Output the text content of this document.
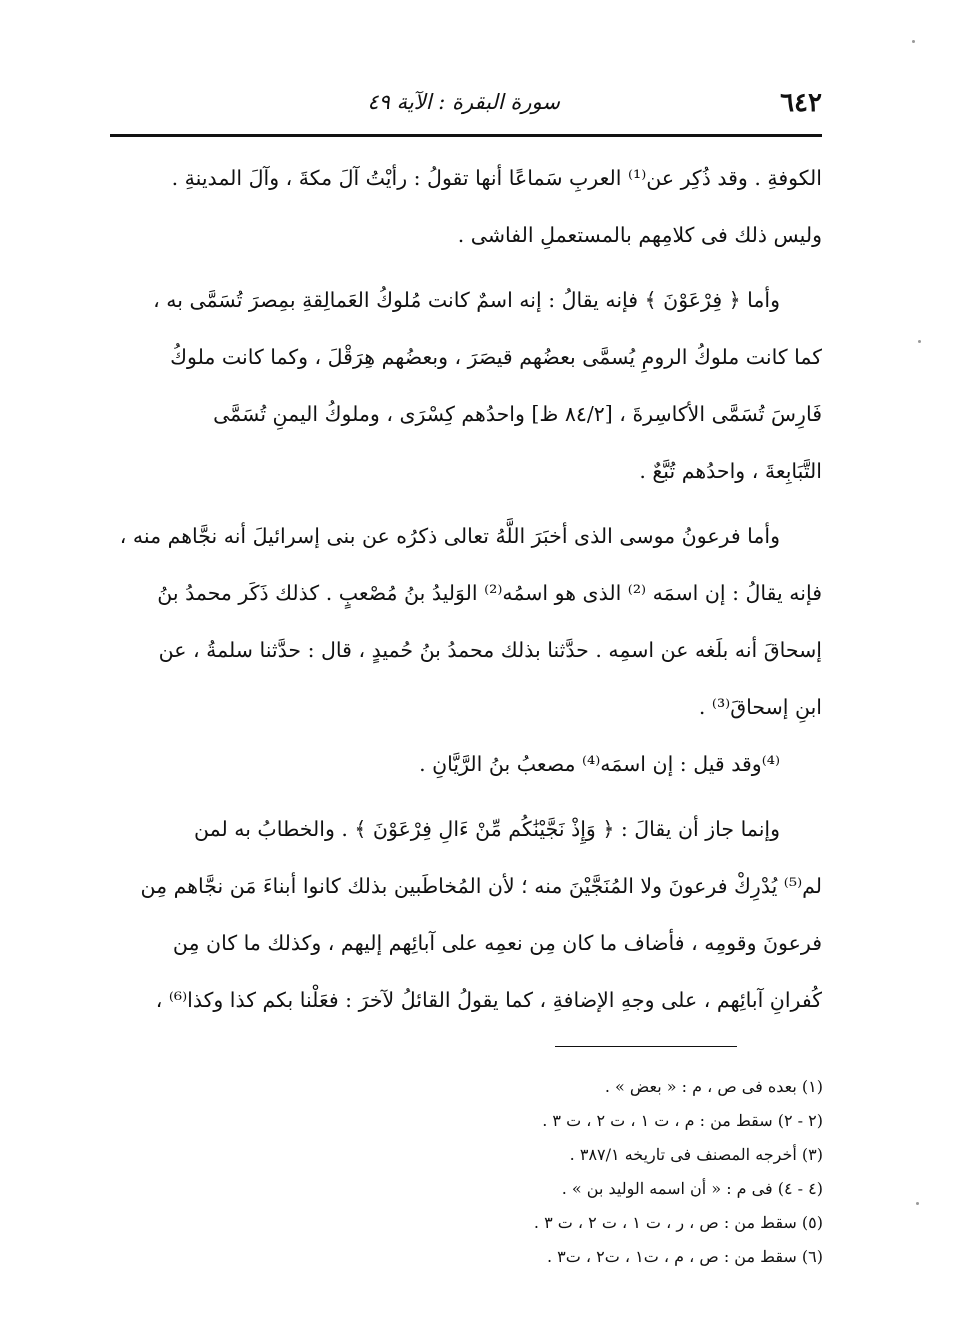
٦٤٢
سورة البقرة : الآية ٤٩
الكوفةِ . وقد ذُكِر عن⁽¹⁾ العربِ سَماعًا أنها تقولُ : رأيْتُ آلَ مكةَ ، وآلَ المدينةِ .
وليس ذلك فى كلامِهم بالمستعملِ الفاشى .
وأما ﴿ فِرْعَوْنَ ﴾ فإنه يقالُ : إنه اسمٌ كانت مُلوكُ العَمالِقةِ بمِصرَ تُسَمَّى به ،
كما كانت ملوكُ الرومِ يُسمَّى بعضُهم قيصَرَ ، وبعضُهم هِرَقْلَ ، وكما كانت ملوكُ
فَارِسَ تُسَمَّى الأكاسِرةَ ، [٨٤/٢ ظ] واحدُهم كِسْرَى ، وملوكُ اليمنِ تُسَمَّى
التَّبَابِعةَ ، واحدُهم تُبَّعٌ .
وأما فرعونُ موسى الذى أخبَرَ اللَّهُ تعالى ذكرُه عن بنى إسرائيلَ أنه نجَّاهم منه ،
فإنه يقالُ : إن اسمَه ⁽²⁾ الذى هو اسمُه⁽²⁾ الوَليدُ بنُ مُصْعبٍ . كذلك ذَكَر محمدُ بنُ
إسحاقَ أنه بلَغه عن اسمِه . حدَّثنا بذلك محمدُ بنُ حُميدٍ ، قال : حدَّثنا سلمةُ ، عن
ابنِ إسحاقَ⁽³⁾ .
⁽⁴⁾وقد قيل : إن اسمَه⁽⁴⁾ مصعبُ بنُ الرَّيَّانِ .
وإنما جاز أن يقالَ : ﴿ وَإِذْ نَجَّيْنَٰكُم مِّنْ ءَالِ فِرْعَوْنَ ﴾ . والخطابُ به لمن
لم⁽⁵⁾ يُدْرِكْ فرعونَ ولا المُنَجَّيْنَ منه ؛ لأن المُخاطَبين بذلك كانوا أبناءَ مَن نجَّاهم مِن
فرعونَ وقومِه ، فأضاف ما كان مِن نعمِه على آبائِهم إليهم ، وكذلك ما كان مِن
كُفرانِ آبائِهم ، على وجهِ الإضافةِ ، كما يقولُ القائلُ لآخرَ : فعَلْنا بكم كذا وكذا⁽⁶⁾ ،
(١) بعده فى ص ، م : « بعض » .
(٢ - ٢) سقط من : م ، ت ١ ، ت ٢ ، ت ٣ .
(٣) أخرجه المصنف فى تاريخه ٣٨٧/١ .
(٤ - ٤) فى م : « أن اسمه الوليد بن » .
(٥) سقط من : ص ، ر ، ت ١ ، ت ٢ ، ت ٣ .
(٦) سقط من : ص ، م ، ت١ ، ت٢ ، ت٣ .
